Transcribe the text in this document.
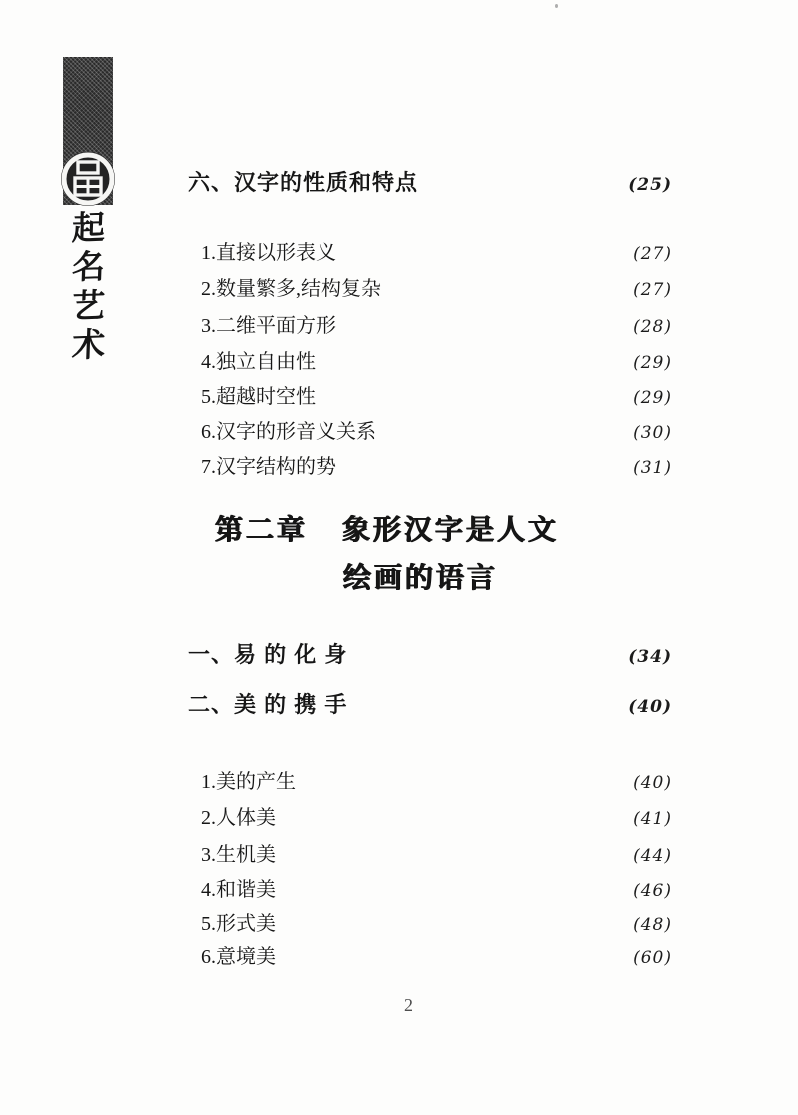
起
名
艺
术
六、汉字的性质和特点	(25)
1.直接以形表义	(27)
2.数量繁多,结构复杂	(27)
3.二维平面方形	(28)
4.独立自由性	(29)
5.超越时空性	(29)
6.汉字的形音义关系	(30)
7.汉字结构的势	(31)
第二章 象形汉字是人文
绘画的语言
一、易 的 化 身	(34)
二、美 的 携 手	(40)
1.美的产生	(40)
2.人体美	(41)
3.生机美	(44)
4.和谐美	(46)
5.形式美	(48)
6.意境美	(60)
2
